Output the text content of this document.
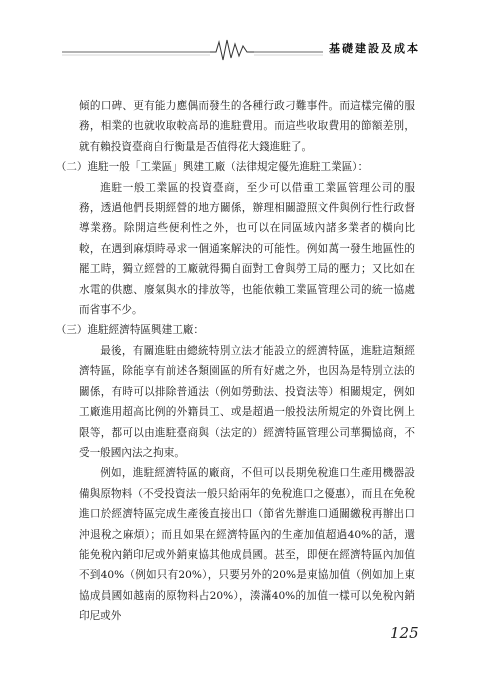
基礎建設及成本

傾的口碑、更有能力應偶而發生的各種行政刁難事件。而這樣完備的服務，相業的也就收取較高昂的進駐費用。而這些收取費用的節額差別，就有賴投資臺商自行衡量是否值得花大錢進駐了。

（二）進駐一般「工業區」興建工廠（法律規定優先進駐工業區）：

進駐一般工業區的投資臺商，至少可以借重工業區管理公司的服務，透過他們長期經營的地方關係，辦理相關證照文件與例行性行政督導業務。除開這些便利性之外，也可以在同區域內諸多業者的橫向比較，在遇到麻煩時尋求一個通案解決的可能性。例如萬一發生地區性的罷工時，獨立經營的工廠就得獨自面對工會與勞工局的壓力；又比如在水電的供應、廢氣與水的排放等，也能依賴工業區管理公司的統一協處而省事不少。

（三）進駐經濟特區興建工廠：

最後，有關進駐由總統特別立法才能設立的經濟特區，進駐這類經濟特區，除能享有前述各類園區的所有好處之外，也因為是特別立法的關係，有時可以排除普通法（例如勞動法、投資法等）相關規定，例如工廠進用超高比例的外籍員工、或是超過一般投法所規定的外資比例上限等，都可以由進駐臺商與（法定的）經濟特區管理公司華獨協商，不受一般國內法之拘束。

例如，進駐經濟特區的廠商，不但可以長期免稅進口生產用機器設備與原物料（不受投資法一般只給兩年的免稅進口之優惠），而且在免稅進口於經濟特區完成生產後直接出口（節省先辦進口通關繳稅再辦出口沖退稅之麻煩）；而且如果在經濟特區內的生產加值超過40%的話，還能免稅內銷印尼或外銷東協其他成員國。甚至，即便在經濟特區內加值不到40%（例如只有20%），只要另外的20%是東協加值（例如加上東協成員國如越南的原物料占20%），湊滿40%的加值一樣可以免稅內銷印尼或外

125
